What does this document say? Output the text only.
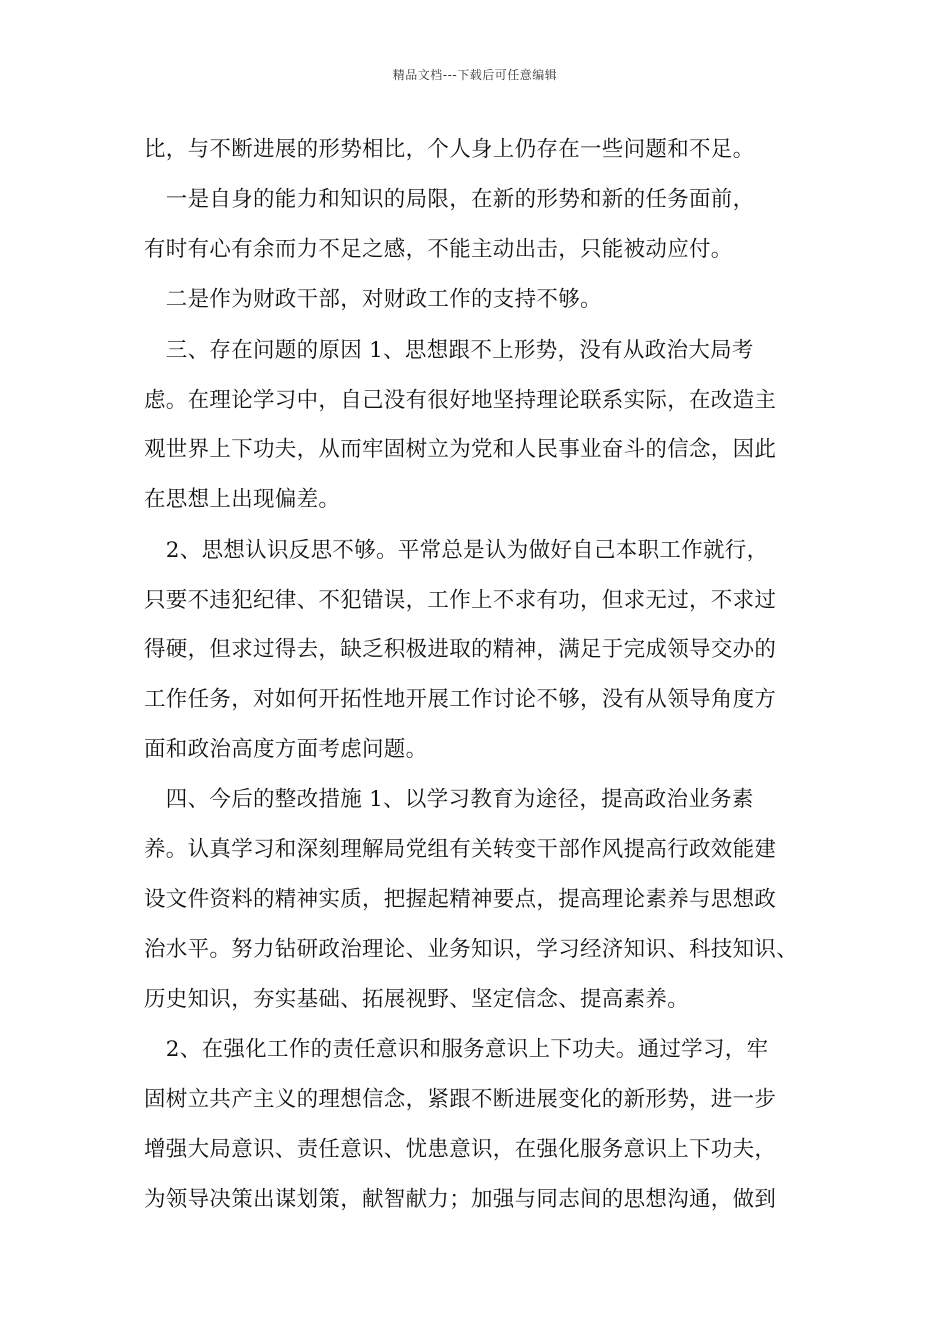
精品文档---下载后可任意编辑
比，与不断进展的形势相比，个人身上仍存在一些问题和不足。
　一是自身的能力和知识的局限，在新的形势和新的任务面前，
有时有心有余而力不足之感，不能主动出击，只能被动应付。
　二是作为财政干部，对财政工作的支持不够。
　三、存在问题的原因 1、思想跟不上形势，没有从政治大局考
虑。在理论学习中，自己没有很好地坚持理论联系实际，在改造主
观世界上下功夫，从而牢固树立为党和人民事业奋斗的信念，因此
在思想上出现偏差。
　2、思想认识反思不够。平常总是认为做好自己本职工作就行，
只要不违犯纪律、不犯错误，工作上不求有功，但求无过，不求过
得硬，但求过得去，缺乏积极进取的精神，满足于完成领导交办的
工作任务，对如何开拓性地开展工作讨论不够，没有从领导角度方
面和政治高度方面考虑问题。
　四、今后的整改措施 1、以学习教育为途径，提高政治业务素
养。认真学习和深刻理解局党组有关转变干部作风提高行政效能建
设文件资料的精神实质，把握起精神要点，提高理论素养与思想政
治水平。努力钻研政治理论、业务知识，学习经济知识、科技知识、
历史知识，夯实基础、拓展视野、坚定信念、提高素养。
　2、在强化工作的责任意识和服务意识上下功夫。通过学习，牢
固树立共产主义的理想信念，紧跟不断进展变化的新形势，进一步
增强大局意识、责任意识、忧患意识，在强化服务意识上下功夫，
为领导决策出谋划策，献智献力；加强与同志间的思想沟通，做到
